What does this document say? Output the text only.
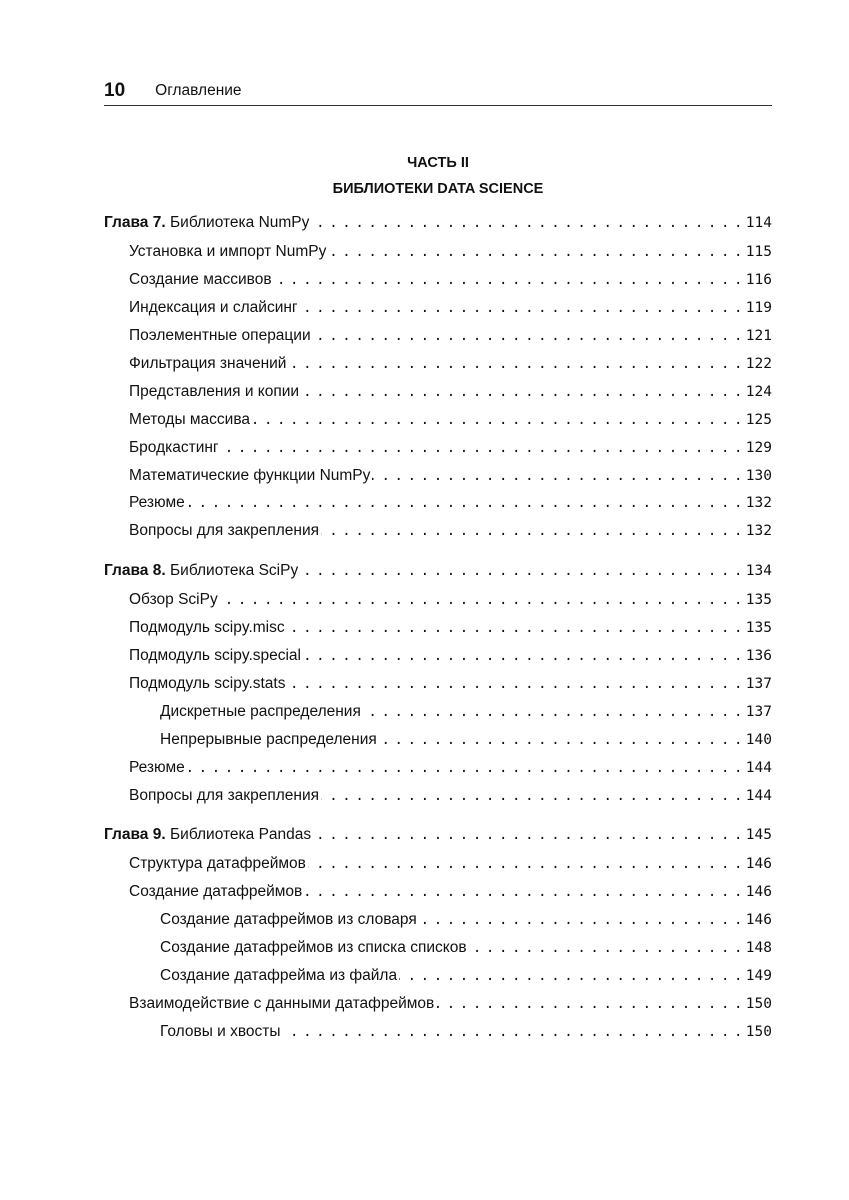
10 Оглавление
ЧАСТЬ II
БИБЛИОТЕКИ DATA SCIENCE
Глава 7. Библиотека NumPy . . .	114
Установка и импорт NumPy . . .	115
Создание массивов . . .	116
Индексация и слайсинг . . .	119
Поэлементные операции . . .	121
Фильтрация значений . . .	122
Представления и копии . . .	124
Методы массива . . .	125
Бродкастинг . . .	129
Математические функции NumPy . . .	130
Резюме . . .	132
Вопросы для закрепления . . .	132
Глава 8. Библиотека SciPy . . .	134
Обзор SciPy . . .	135
Подмодуль scipy.misc . . .	135
Подмодуль scipy.special . . .	136
Подмодуль scipy.stats . . .	137
Дискретные распределения . . .	137
Непрерывные распределения . . .	140
Резюме . . .	144
Вопросы для закрепления . . .	144
Глава 9. Библиотека Pandas . . .	145
Структура датафреймов . . .	146
Создание датафреймов . . .	146
Создание датафреймов из словаря . . .	146
Создание датафреймов из списка списков . . .	148
Создание датафрейма из файла . . .	149
Взаимодействие с данными датафреймов . . .	150
Головы и хвосты . . .	150
